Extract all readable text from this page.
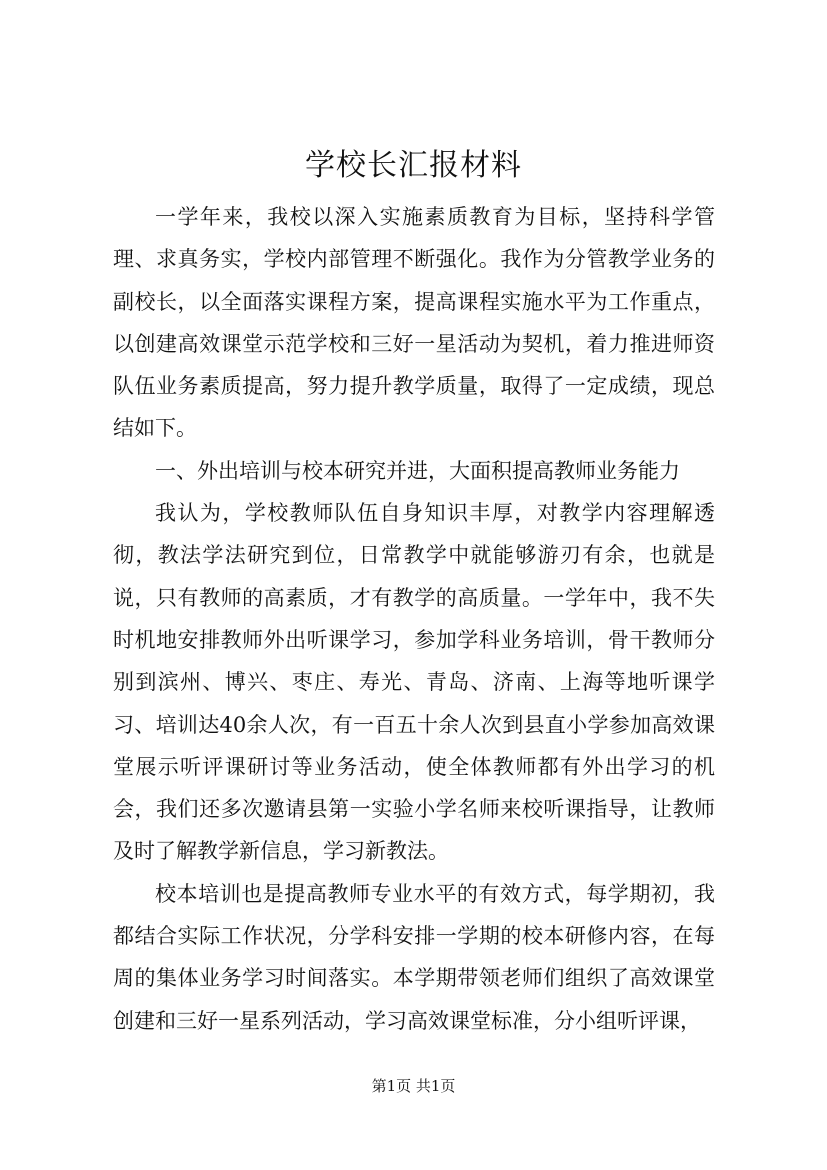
学校长汇报材料

一学年来，我校以深入实施素质教育为目标，坚持科学管理、求真务实，学校内部管理不断强化。我作为分管教学业务的副校长，以全面落实课程方案，提高课程实施水平为工作重点，以创建高效课堂示范学校和三好一星活动为契机，着力推进师资队伍业务素质提高，努力提升教学质量，取得了一定成绩，现总结如下。

一、外出培训与校本研究并进，大面积提高教师业务能力

我认为，学校教师队伍自身知识丰厚，对教学内容理解透彻，教法学法研究到位，日常教学中就能够游刃有余，也就是说，只有教师的高素质，才有教学的高质量。一学年中，我不失时机地安排教师外出听课学习，参加学科业务培训，骨干教师分别到滨州、博兴、枣庄、寿光、青岛、济南、上海等地听课学习、培训达40余人次，有一百五十余人次到县直小学参加高效课堂展示听评课研讨等业务活动，使全体教师都有外出学习的机会，我们还多次邀请县第一实验小学名师来校听课指导，让教师及时了解教学新信息，学习新教法。

校本培训也是提高教师专业水平的有效方式，每学期初，我都结合实际工作状况，分学科安排一学期的校本研修内容，在每周的集体业务学习时间落实。本学期带领老师们组织了高效课堂创建和三好一星系列活动，学习高效课堂标准，分小组听评课，

第1页 共1页
